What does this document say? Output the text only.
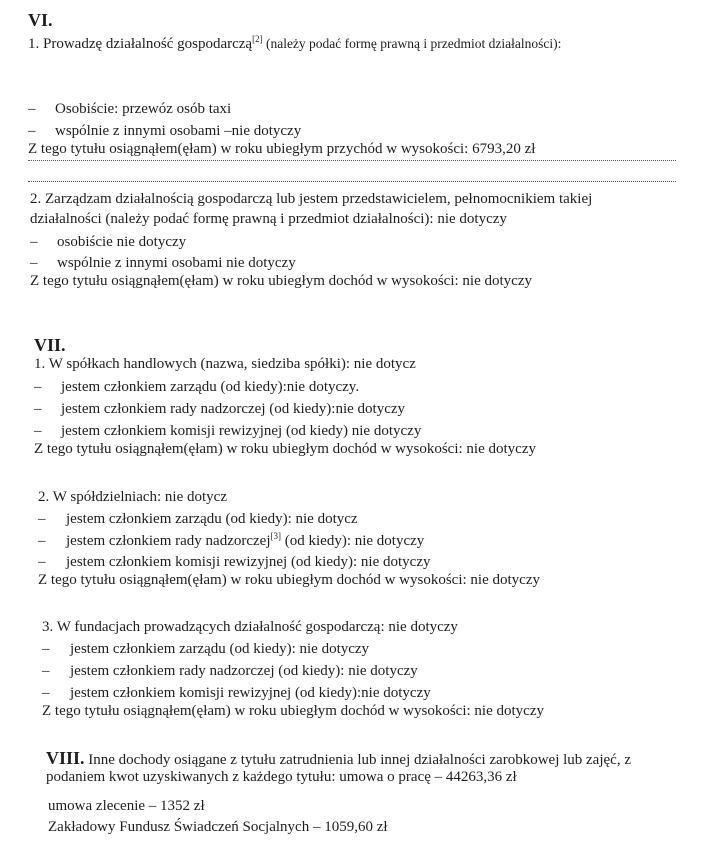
VI.
1. Prowadzę działalność gospodarczą[2] (należy podać formę prawną i przedmiot działalności):
– Osobiście: przewóz osób taxi
– wspólnie z innymi osobami –nie dotyczy
Z tego tytułu osiągnąłem(ęłam) w roku ubiegłym przychód w wysokości: 6793,20 zł
2. Zarządzam działalnością gospodarczą lub jestem przedstawicielem, pełnomocnikiem takiej
działalności (należy podać formę prawną i przedmiot działalności): nie dotyczy
– osobiście nie dotyczy
– wspólnie z innymi osobami nie dotyczy
Z tego tytułu osiągnąłem(ęłam) w roku ubiegłym dochód w wysokości: nie dotyczy
VII.
1. W spółkach handlowych (nazwa, siedziba spółki): nie dotycz
– jestem członkiem zarządu (od kiedy):nie dotyczy.
– jestem członkiem rady nadzorczej (od kiedy):nie dotyczy
– jestem członkiem komisji rewizyjnej (od kiedy) nie dotyczy
Z tego tytułu osiągnąłem(ęłam) w roku ubiegłym dochód w wysokości: nie dotyczy
2. W spółdzielniach: nie dotycz
– jestem członkiem zarządu (od kiedy): nie dotycz
– jestem członkiem rady nadzorczej[3] (od kiedy): nie dotyczy
– jestem członkiem komisji rewizyjnej (od kiedy): nie dotyczy
Z tego tytułu osiągnąłem(ęłam) w roku ubiegłym dochód w wysokości: nie dotyczy
3. W fundacjach prowadzących działalność gospodarczą: nie dotyczy
– jestem członkiem zarządu (od kiedy): nie dotyczy
– jestem członkiem rady nadzorczej (od kiedy): nie dotyczy
– jestem członkiem komisji rewizyjnej (od kiedy):nie dotyczy
Z tego tytułu osiągnąłem(ęłam) w roku ubiegłym dochód w wysokości: nie dotyczy
VIII. Inne dochody osiągane z tytułu zatrudnienia lub innej działalności zarobkowej lub zajęć, z
podaniem kwot uzyskiwanych z każdego tytułu: umowa o pracę – 44263,36 zł
umowa zlecenie – 1352 zł
Zakładowy Fundusz Świadczeń Socjalnych – 1059,60 zł
